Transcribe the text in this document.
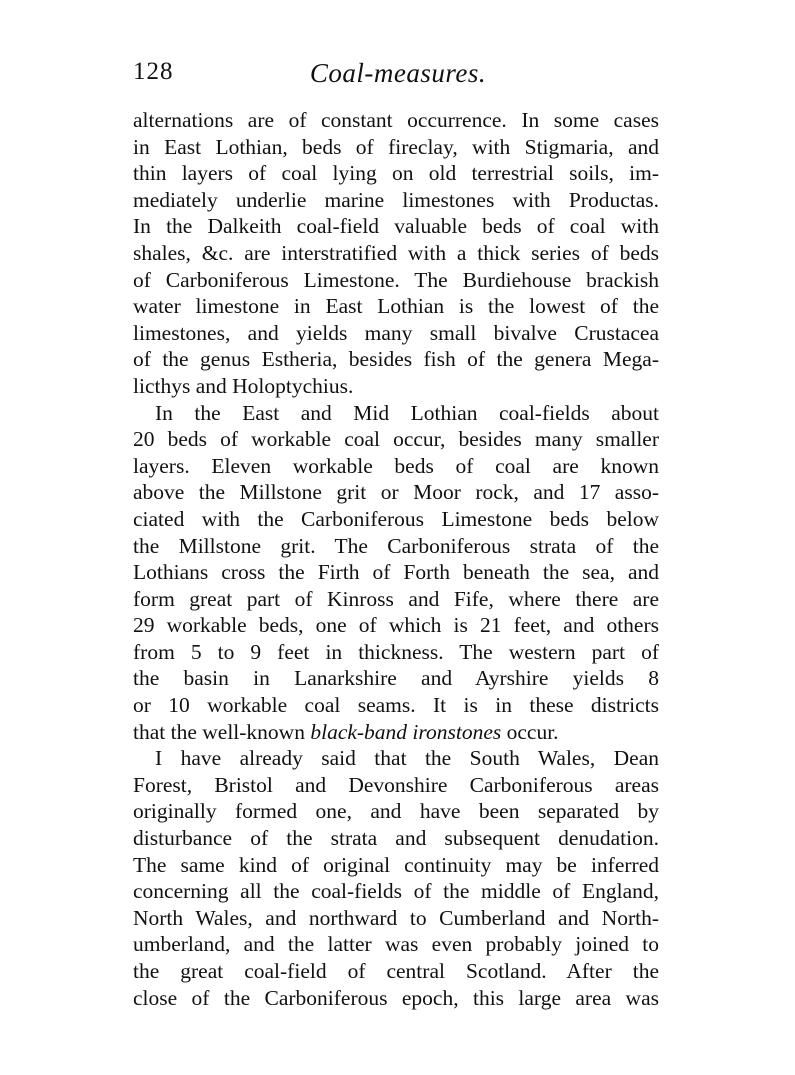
128	Coal-measures.
alternations are of constant occurrence. In some cases
in East Lothian, beds of fireclay, with Stigmaria, and
thin layers of coal lying on old terrestrial soils, im-
mediately underlie marine limestones with Productas.
In the Dalkeith coal-field valuable beds of coal with
shales, &c. are interstratified with a thick series of beds
of Carboniferous Limestone. The Burdiehouse brackish
water limestone in East Lothian is the lowest of the
limestones, and yields many small bivalve Crustacea
of the genus Estheria, besides fish of the genera Mega-
licthys and Holoptychius.
In the East and Mid Lothian coal-fields about
20 beds of workable coal occur, besides many smaller
layers. Eleven workable beds of coal are known
above the Millstone grit or Moor rock, and 17 asso-
ciated with the Carboniferous Limestone beds below
the Millstone grit. The Carboniferous strata of the
Lothians cross the Firth of Forth beneath the sea, and
form great part of Kinross and Fife, where there are
29 workable beds, one of which is 21 feet, and others
from 5 to 9 feet in thickness. The western part of
the basin in Lanarkshire and Ayrshire yields 8
or 10 workable coal seams. It is in these districts
that the well-known black-band ironstones occur.
I have already said that the South Wales, Dean
Forest, Bristol and Devonshire Carboniferous areas
originally formed one, and have been separated by
disturbance of the strata and subsequent denudation.
The same kind of original continuity may be inferred
concerning all the coal-fields of the middle of England,
North Wales, and northward to Cumberland and North-
umberland, and the latter was even probably joined to
the great coal-field of central Scotland. After the
close of the Carboniferous epoch, this large area was
